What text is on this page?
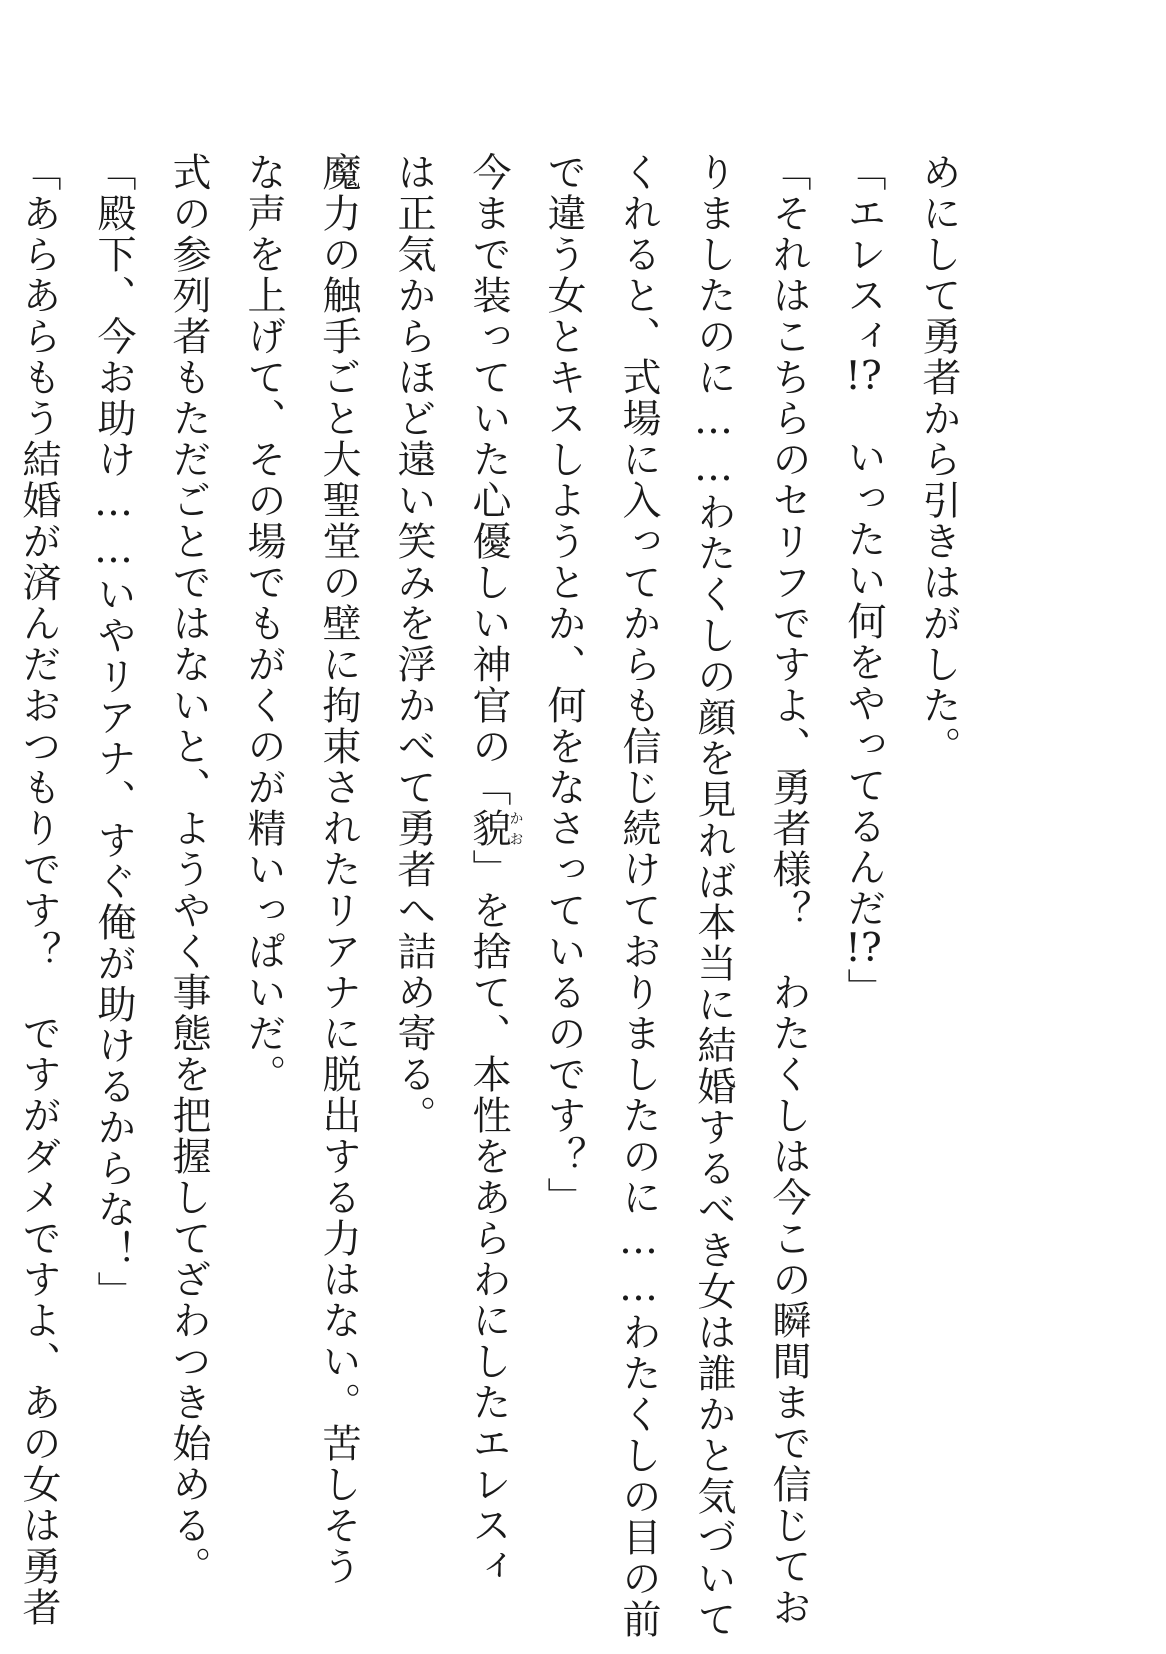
めにして勇者から引きはがした。
「エレスィ!?　いったい何をやってるんだ!?」
「それはこちらのセリフですよ、勇者様？　わたくしは今この瞬間まで信じてお
りましたのに……わたくしの顔を見れば本当に結婚するべき女は誰かと気づいて
くれると、式場に入ってからも信じ続けておりましたのに……わたくしの目の前
で違う女とキスしようとか、何をなさっているのです？」
今まで装っていた心優しい神官の「貌かお」を捨て、本性をあらわにしたエレスィ
は正気からほど遠い笑みを浮かべて勇者へ詰め寄る。
魔力の触手ごと大聖堂の壁に拘束されたリアナに脱出する力はない。苦しそう
な声を上げて、その場でもがくのが精いっぱいだ。
式の参列者もただごとではないと、ようやく事態を把握してざわつき始める。
「殿下、今お助け……いやリアナ、すぐ俺が助けるからな！」
「あらあらもう結婚が済んだおつもりです？　ですがダメですよ、あの女は勇者
